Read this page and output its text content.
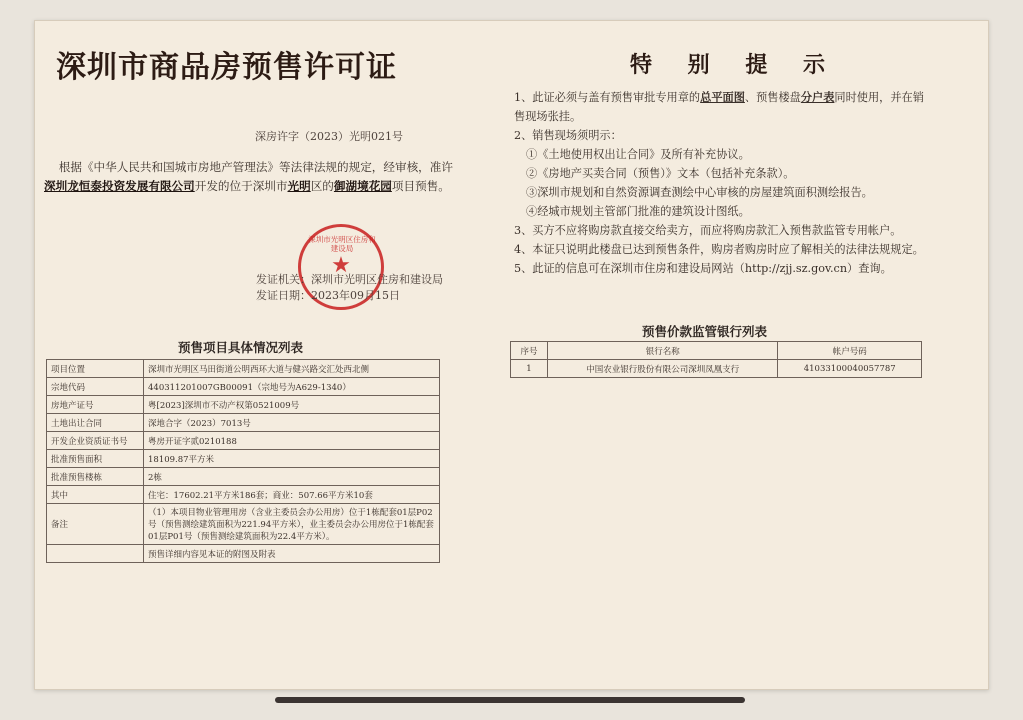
深圳市商品房预售许可证
深房许字（2023）光明021号
根据《中华人民共和国城市房地产管理法》等法律法规的规定，经审核，准许深圳龙恒泰投资发展有限公司开发的位于深圳市光明区的御湖境花园项目预售。
深圳市光明区住房和建设局
★
发证机关：深圳市光明区住房和建设局
发证日期：2023年09月15日
预售项目具体情况列表
项目位置	深圳市光明区马田街道公明西环大道与健兴路交汇处西北侧
宗地代码	440311201007GB00091（宗地号为A629-1340）
房地产证号	粤[2023]深圳市不动产权第0521009号
土地出让合同	深地合字（2023）7013号
开发企业资质证书号	粤房开证字贰0210188
批准预售面积	18109.87平方米
批准预售楼栋	2栋
其中	住宅：17602.21平方米186套；商业：507.66平方米10套
备注	（1）本项目物业管理用房（含业主委员会办公用房）位于1栋配套01层P02号（预售测绘建筑面积为221.94平方米），业主委员会办公用房位于1栋配套01层P01号（预售测绘建筑面积为22.4平方米）。
	预售详细内容见本证的附图及附表
特 别 提 示

1、此证必须与盖有预售审批专用章的总平面图、预售楼盘分户表同时使用，并在销售现场张挂。

2、销售现场须明示：

①《土地使用权出让合同》及所有补充协议。

②《房地产买卖合同（预售）》文本（包括补充条款）。

③深圳市规划和自然资源调查测绘中心审核的房屋建筑面积测绘报告。

④经城市规划主管部门批准的建筑设计图纸。

3、买方不应将购房款直接交给卖方，而应将购房款汇入预售款监管专用帐户。

4、本证只说明此楼盘已达到预售条件，购房者购房时应了解相关的法律法规规定。

5、此证的信息可在深圳市住房和建设局网站（http://zjj.sz.gov.cn）查询。

预售价款监管银行列表
序号	银行名称	帐户号码
1	中国农业银行股份有限公司深圳凤凰支行	41033100040057787
